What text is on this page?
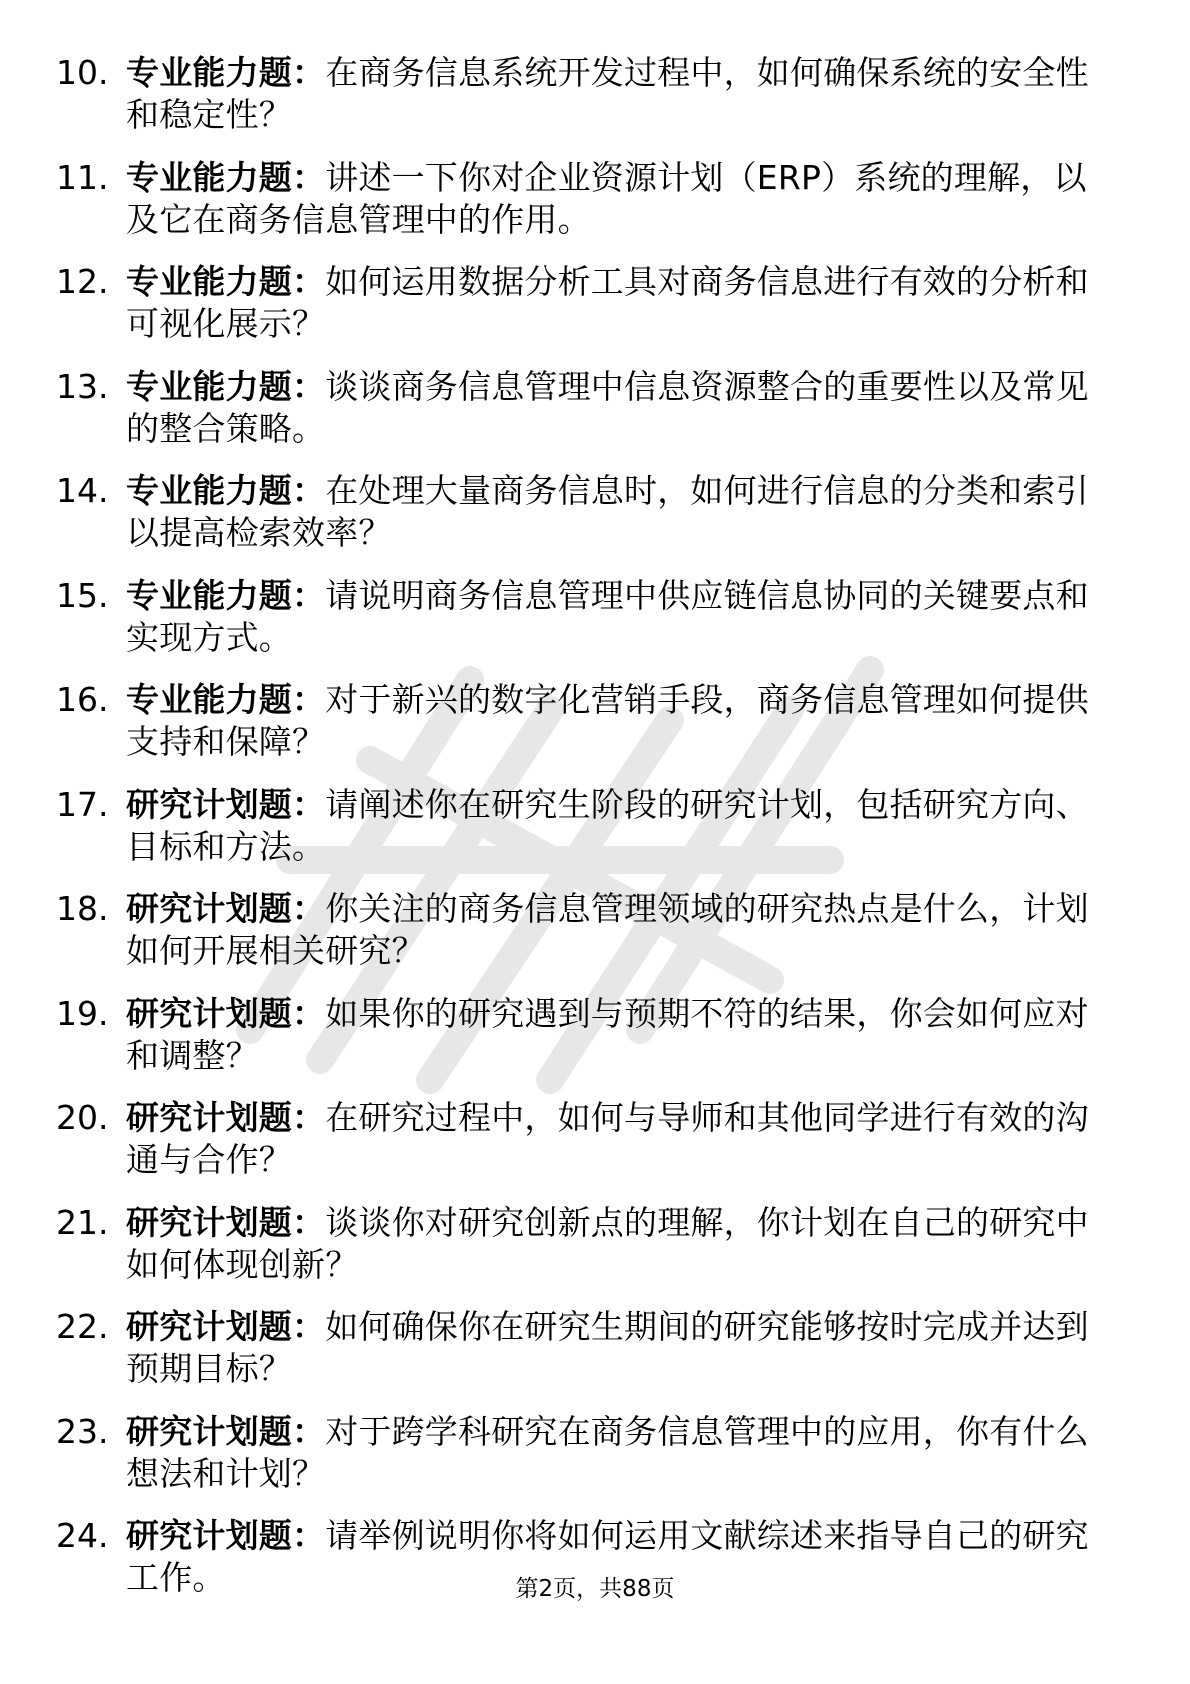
10. 专业能力题：在商务信息系统开发过程中，如何确保系统的安全性和稳定性？
11. 专业能力题：讲述一下你对企业资源计划（ERP）系统的理解，以及它在商务信息管理中的作用。
12. 专业能力题：如何运用数据分析工具对商务信息进行有效的分析和可视化展示？
13. 专业能力题：谈谈商务信息管理中信息资源整合的重要性以及常见的整合策略。
14. 专业能力题：在处理大量商务信息时，如何进行信息的分类和索引以提高检索效率？
15. 专业能力题：请说明商务信息管理中供应链信息协同的关键要点和实现方式。
16. 专业能力题：对于新兴的数字化营销手段，商务信息管理如何提供支持和保障？
17. 研究计划题：请阐述你在研究生阶段的研究计划，包括研究方向、目标和方法。
18. 研究计划题：你关注的商务信息管理领域的研究热点是什么，计划如何开展相关研究？
19. 研究计划题：如果你的研究遇到与预期不符的结果，你会如何应对和调整？
20. 研究计划题：在研究过程中，如何与导师和其他同学进行有效的沟通与合作？
21. 研究计划题：谈谈你对研究创新点的理解，你计划在自己的研究中如何体现创新？
22. 研究计划题：如何确保你在研究生期间的研究能够按时完成并达到预期目标？
23. 研究计划题：对于跨学科研究在商务信息管理中的应用，你有什么想法和计划？
24. 研究计划题：请举例说明你将如何运用文献综述来指导自己的研究工作。	第2页，共88页
